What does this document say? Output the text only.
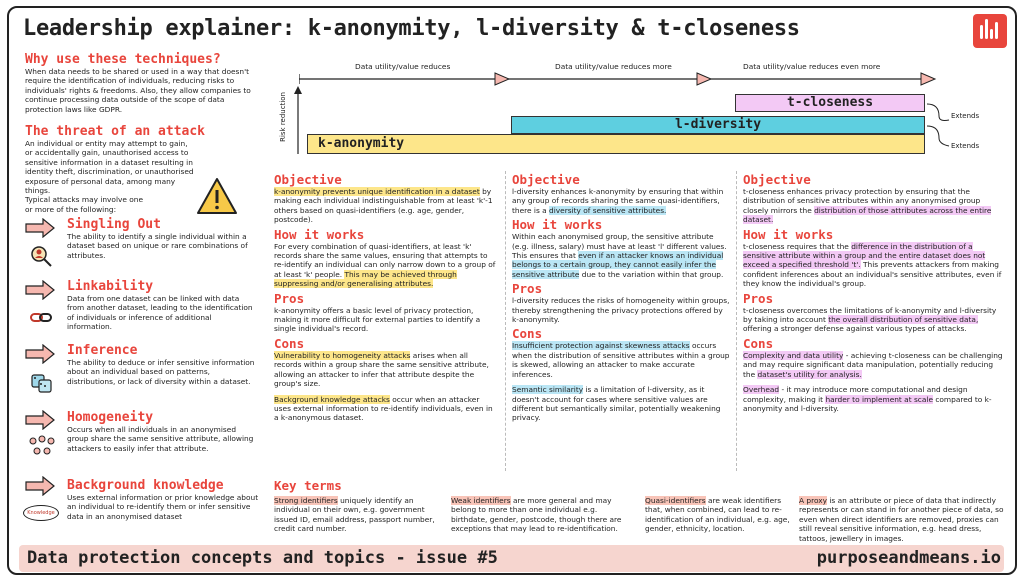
Leadership explainer: k-anonymity, l-diversity & t-closeness
Why use these techniques?
When data needs to be shared or used in a way that doesn't require the identification of individuals, reducing risks to individuals' rights & freedoms. Also, they allow companies to continue processing data outside of the scope of data protection laws like GDPR.
The threat of an attack
An individual or entity may attempt to gain, or accidentally gain, unauthorised access to sensitive information in a dataset resulting in identity theft, discrimination, or unauthorised exposure of personal data, among many things.
Typical attacks may involve one or more of the following:
Singling Out
The ability to identify a single individual within a dataset based on unique or rare combinations of attributes.
Linkability
Data from one dataset can be linked with data from another dataset, leading to the identification of individuals or inference of additional information.
Inference
The ability to deduce or infer sensitive information about an individual based on patterns, distributions, or lack of diversity within a dataset.
Homogeneity
Occurs when all individuals in an anonymised group share the same sensitive attribute, allowing attackers to easily infer that attribute.
Knowledge
Background knowledge
Uses external information or prior knowledge about an individual to re-identify them or infer sensitive data in an anonymised dataset
Data utility/value reduces	Data utility/value reduces more	Data utility/value reduces even more
Risk reduction	t-closeness
l-diversity
k-anonymity
Extends
Extends
Objective
k-anonymity prevents unique identification in a dataset by making each individual indistinguishable from at least 'k'-1 others based on quasi-identifiers (e.g. age, gender, postcode).
How it works
For every combination of quasi-identifiers, at least 'k' records share the same values, ensuring that attempts to re-identify an individual can only narrow down to a group of at least 'k' people. This may be achieved through suppressing and/or generalising attributes.
Pros
k-anonymity offers a basic level of privacy protection, making it more difficult for external parties to identify a single individual's record.
Cons
Vulnerability to homogeneity attacks arises when all records within a group share the same sensitive attribute, allowing an attacker to infer that attribute despite the group's size.
Background knowledge attacks occur when an attacker uses external information to re-identify individuals, even in a k-anonymous dataset.
Objective
l-diversity enhances k-anonymity by ensuring that within any group of records sharing the same quasi-identifiers, there is a diversity of sensitive attributes.
How it works
Within each anonymised group, the sensitive attribute (e.g. illness, salary) must have at least 'l' different values. This ensures that even if an attacker knows an individual belongs to a certain group, they cannot easily infer the sensitive attribute due to the variation within that group.
Pros
l-diversity reduces the risks of homogeneity within groups, thereby strengthening the privacy protections offered by k-anonymity.
Cons
Insufficient protection against skewness attacks occurs when the distribution of sensitive attributes within a group is skewed, allowing an attacker to make accurate inferences.
Semantic similarity is a limitation of l-diversity, as it doesn't account for cases where sensitive values are different but semantically similar, potentially weakening privacy.
Objective
t-closeness enhances privacy protection by ensuring that the distribution of sensitive attributes within any anonymised group closely mirrors the distribution of those attributes across the entire dataset.
How it works
t-closeness requires that the difference in the distribution of a sensitive attribute within a group and the entire dataset does not exceed a specified threshold 't'. This prevents attackers from making confident inferences about an individual's sensitive attributes, even if they know the individual's group.
Pros
t-closeness overcomes the limitations of k-anonymity and l-diversity by taking into account the overall distribution of sensitive data, offering a stronger defense against various types of attacks.
Cons
Complexity and data utility - achieving t-closeness can be challenging and may require significant data manipulation, potentially reducing the dataset's utility for analysis.
Overhead - it may introduce more computational and design complexity, making it harder to implement at scale compared to k-anonymity and l-diversity.
Key terms
Strong identifiers uniquely identify an individual on their own, e.g. government issued ID, email address, passport number, credit card number.
Weak identifiers are more general and may belong to more than one individual e.g. birthdate, gender, postcode, though there are exceptions that may lead to re-identification.
Quasi-identifiers are weak identifiers that, when combined, can lead to re-identification of an individual, e.g. age, gender, ethnicity, location.
A proxy is an attribute or piece of data that indirectly represents or can stand in for another piece of data, so even when direct identifiers are removed, proxies can still reveal sensitive information, e.g. head dress, tattoos, jewellery in images.
Data protection concepts and topics - issue #5	purposeandmeans.io
